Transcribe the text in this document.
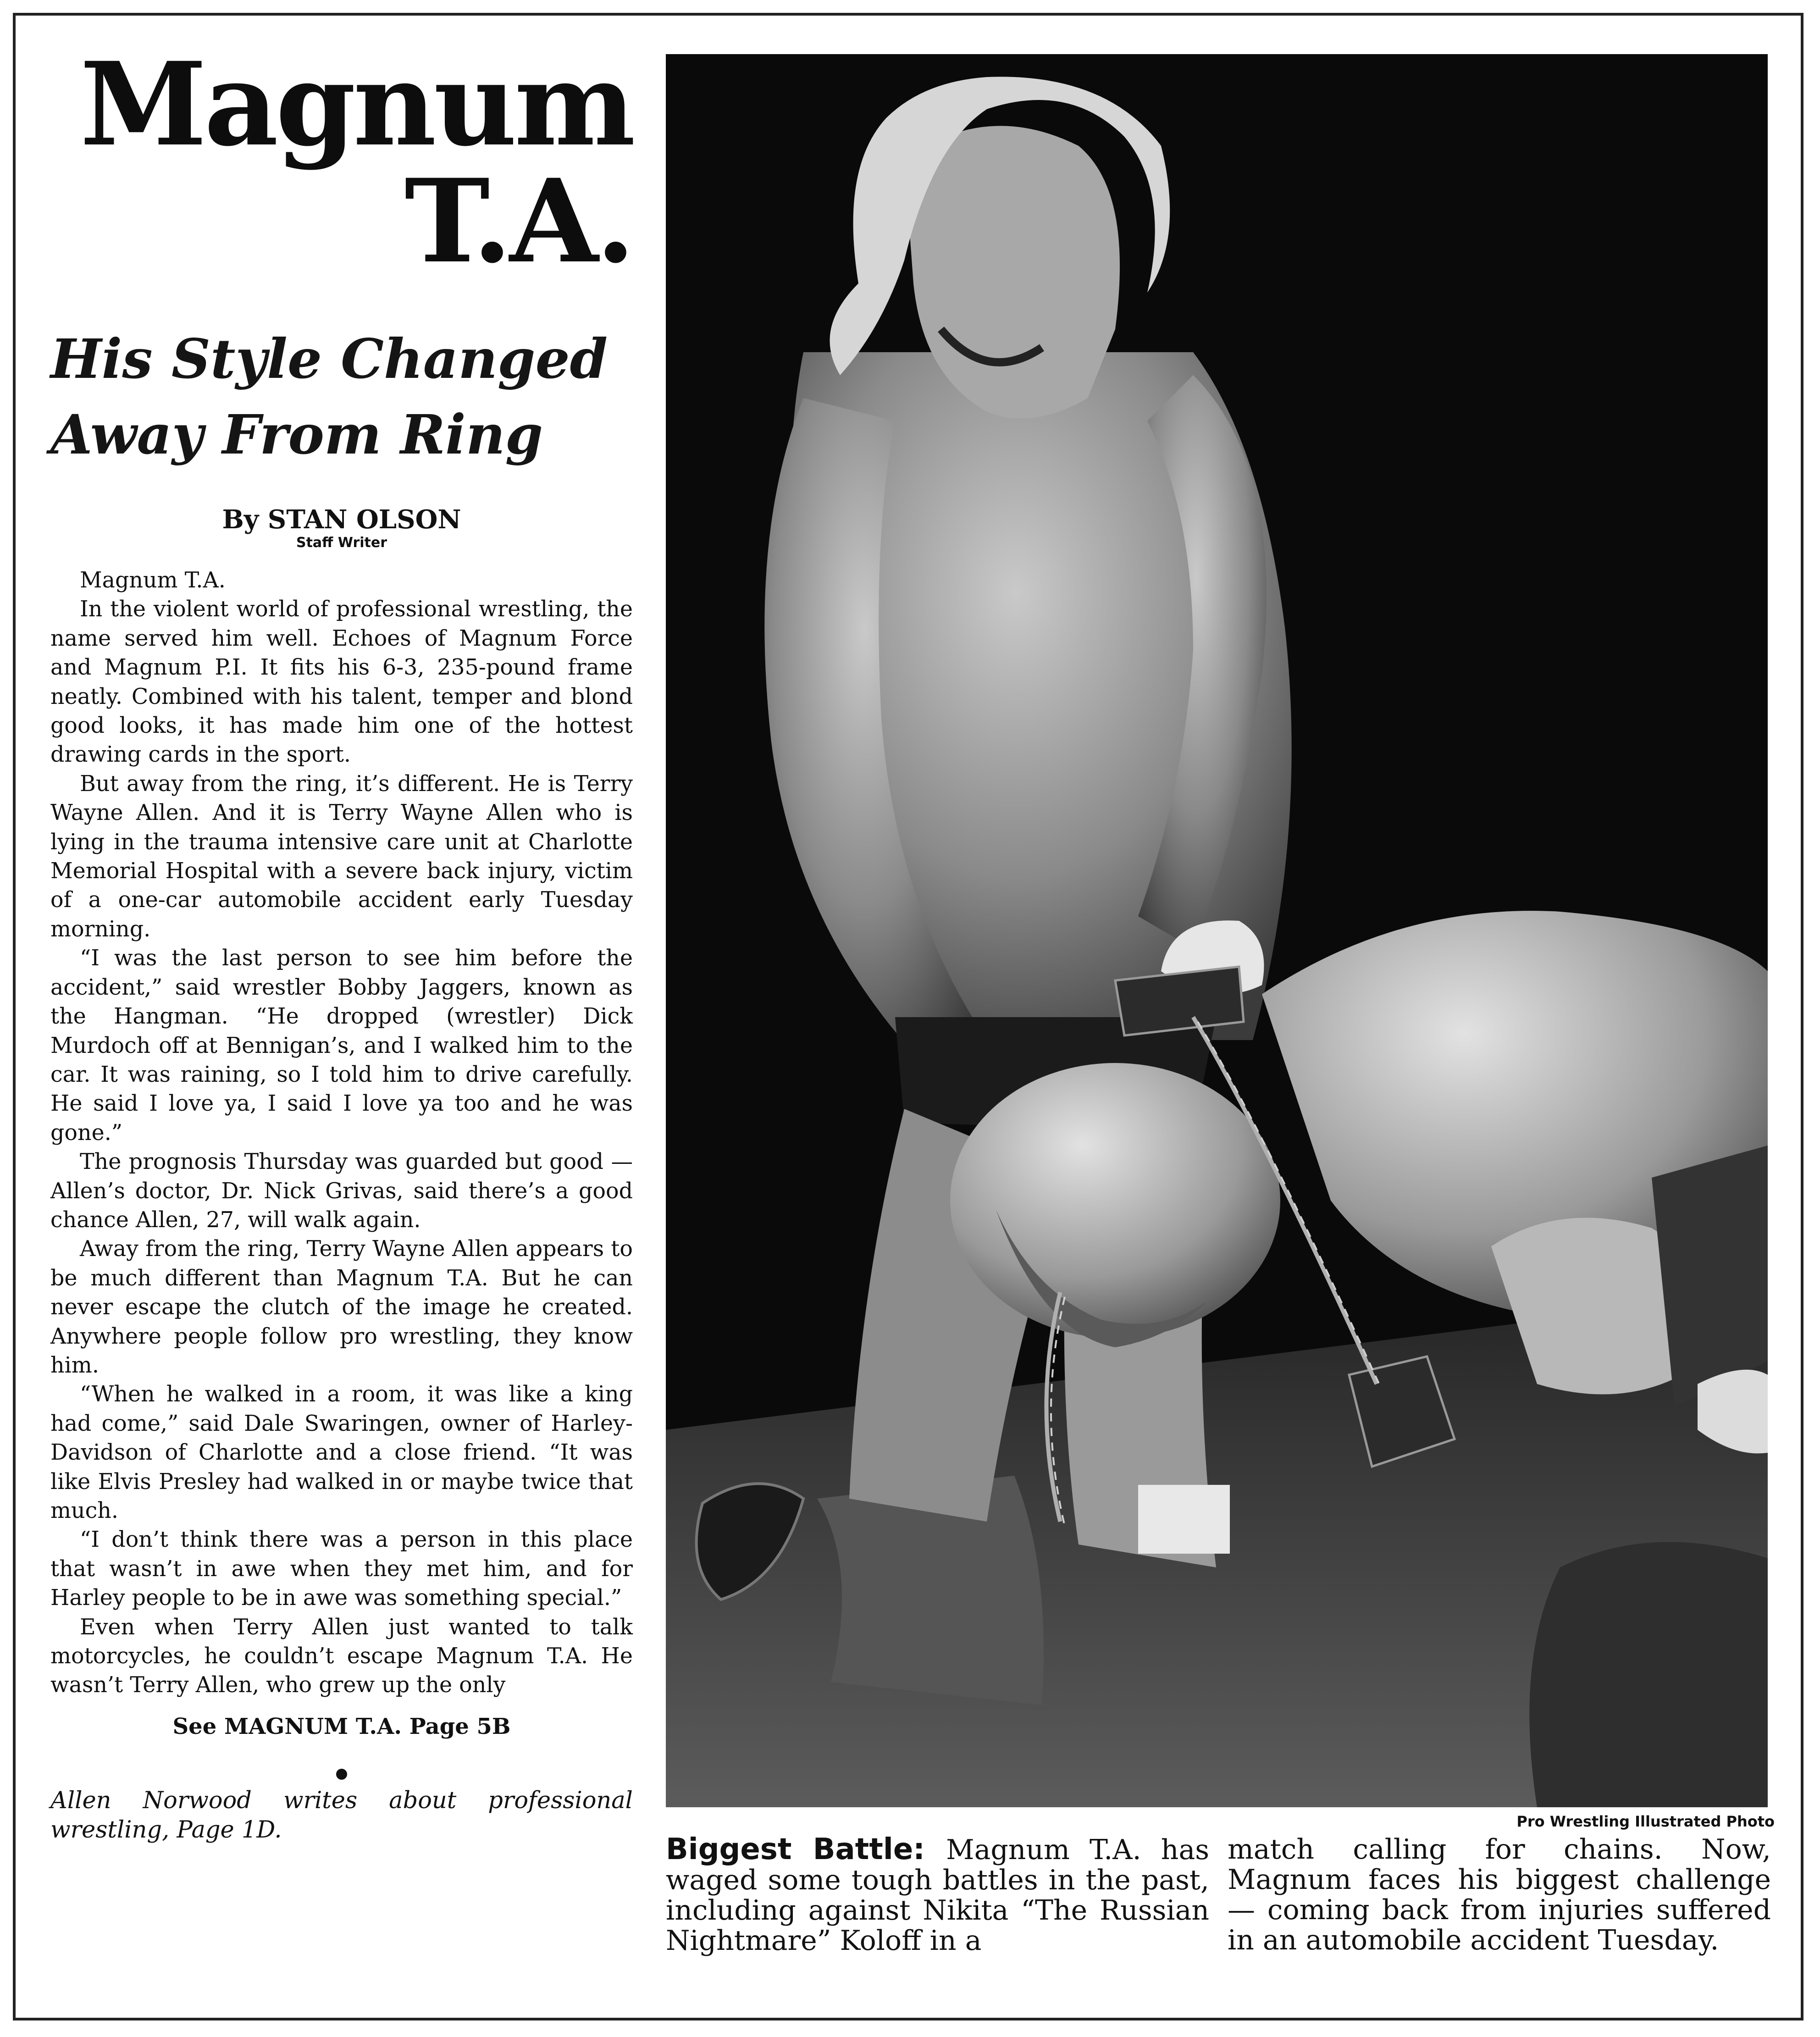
Magnum
T.A.
His Style Changed Away From Ring
By STAN OLSON
Staff Writer

Magnum T.A.

In the violent world of professional wrestling, the name served him well. Echoes of Magnum Force and Magnum P.I. It fits his 6-3, 235-pound frame neatly. Combined with his talent, temper and blond good looks, it has made him one of the hottest drawing cards in the sport.

But away from the ring, it’s different. He is Terry Wayne Allen. And it is Terry Wayne Allen who is lying in the trauma intensive care unit at Charlotte Memorial Hospital with a severe back injury, victim of a one-car automobile accident early Tuesday morning.

“I was the last person to see him before the accident,” said wrestler Bobby Jaggers, known as the Hangman. “He dropped (wrestler) Dick Murdoch off at Bennigan’s, and I walked him to the car. It was raining, so I told him to drive carefully. He said I love ya, I said I love ya too and he was gone.”

The prognosis Thursday was guarded but good — Allen’s doctor, Dr. Nick Grivas, said there’s a good chance Allen, 27, will walk again.

Away from the ring, Terry Wayne Allen appears to be much different than Magnum T.A. But he can never escape the clutch of the image he created. Anywhere people follow pro wrestling, they know him.

“When he walked in a room, it was like a king had come,” said Dale Swaringen, owner of Harley-Davidson of Charlotte and a close friend. “It was like Elvis Presley had walked in or maybe twice that much.

“I don’t think there was a person in this place that wasn’t in awe when they met him, and for Harley people to be in awe was something special.”

Even when Terry Allen just wanted to talk motorcycles, he couldn’t escape Magnum T.A. He wasn’t Terry Allen, who grew up the only

See MAGNUM T.A. Page 5B
Allen Norwood writes about professional wrestling, Page 1D.	Pro Wrestling Illustrated Photo
Biggest Battle: Magnum T.A. has waged some tough battles in the past, including against Nikita “The Russian Nightmare” Koloff in a
match calling for chains. Now, Magnum faces his biggest challenge — coming back from injuries suffered in an automobile accident Tuesday.
